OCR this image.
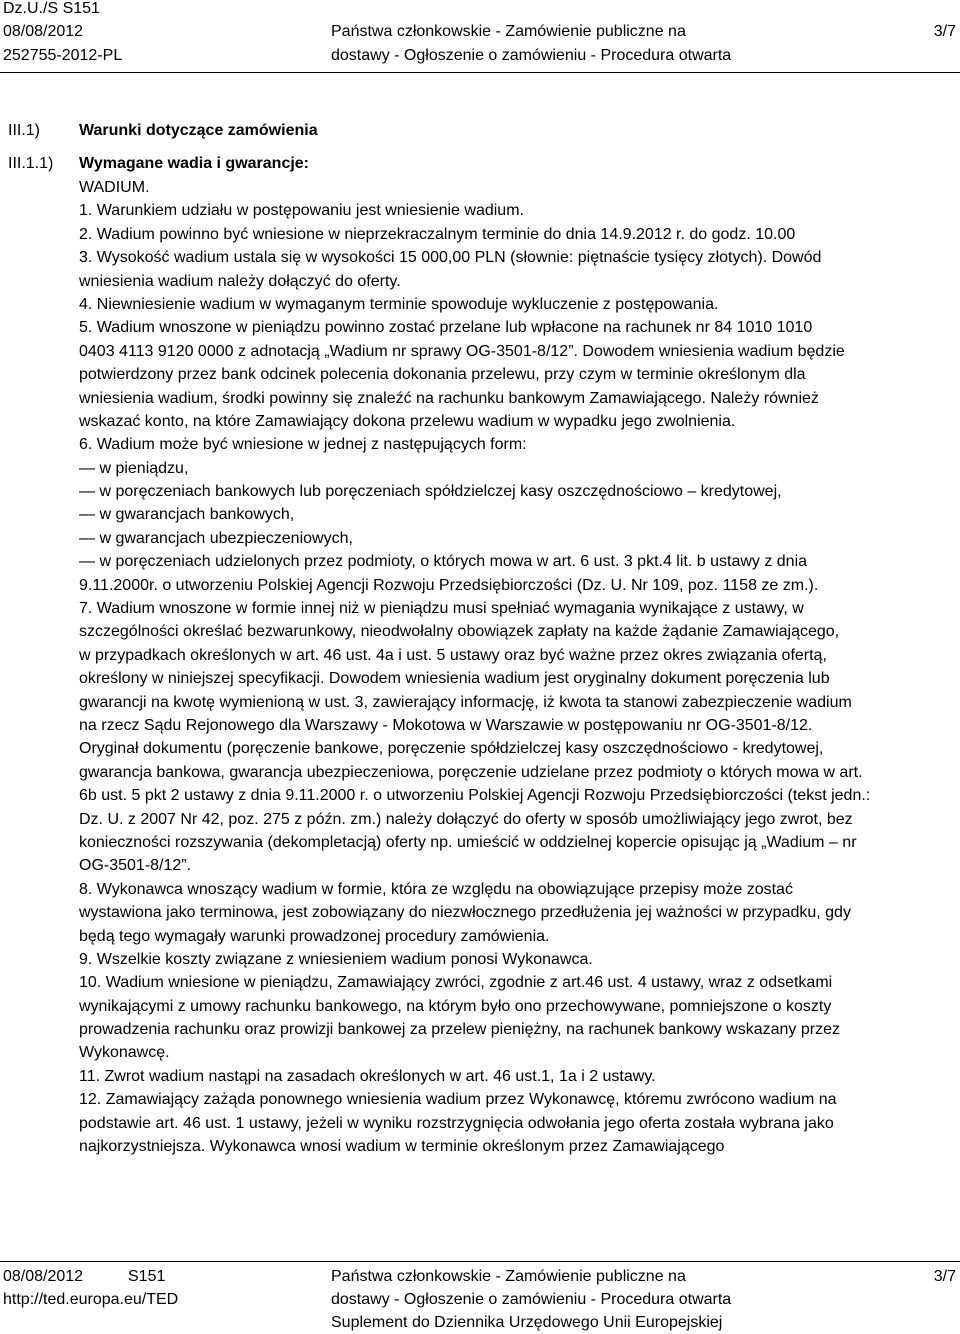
Dz.U./S S151
08/08/2012
252755-2012-PL
Państwa członkowskie - Zamówienie publiczne na
dostawy - Ogłoszenie o zamówieniu - Procedura otwarta
3/7
III.1) Warunki dotyczące zamówienia
III.1.1) Wymagane wadia i gwarancje:
WADIUM.
1. Warunkiem udziału w postępowaniu jest wniesienie wadium.
2. Wadium powinno być wniesione w nieprzekraczalnym terminie do dnia 14.9.2012 r. do godz. 10.00
3. Wysokość wadium ustala się w wysokości 15 000,00 PLN (słownie: piętnaście tysięcy złotych). Dowód
wniesienia wadium należy dołączyć do oferty.
4. Niewniesienie wadium w wymaganym terminie spowoduje wykluczenie z postępowania.
5. Wadium wnoszone w pieniądzu powinno zostać przelane lub wpłacone na rachunek nr 84 1010 1010
0403 4113 9120 0000 z adnotacją „Wadium nr sprawy OG-3501-8/12”. Dowodem wniesienia wadium będzie
potwierdzony przez bank odcinek polecenia dokonania przelewu, przy czym w terminie określonym dla
wniesienia wadium, środki powinny się znaleźć na rachunku bankowym Zamawiającego. Należy również
wskazać konto, na które Zamawiający dokona przelewu wadium w wypadku jego zwolnienia.
6. Wadium może być wniesione w jednej z następujących form:
— w pieniądzu,
— w poręczeniach bankowych lub poręczeniach spółdzielczej kasy oszczędnościowo – kredytowej,
— w gwarancjach bankowych,
— w gwarancjach ubezpieczeniowych,
— w poręczeniach udzielonych przez podmioty, o których mowa w art. 6 ust. 3 pkt.4 lit. b ustawy z dnia
9.11.2000r. o utworzeniu Polskiej Agencji Rozwoju Przedsiębiorczości (Dz. U. Nr 109, poz. 1158 ze zm.).
7. Wadium wnoszone w formie innej niż w pieniądzu musi spełniać wymagania wynikające z ustawy, w
szczególności określać bezwarunkowy, nieodwołalny obowiązek zapłaty na każde żądanie Zamawiającego,
w przypadkach określonych w art. 46 ust. 4a i ust. 5 ustawy oraz być ważne przez okres związania ofertą,
określony w niniejszej specyfikacji. Dowodem wniesienia wadium jest oryginalny dokument poręczenia lub
gwarancji na kwotę wymienioną w ust. 3, zawierający informację, iż kwota ta stanowi zabezpieczenie wadium
na rzecz Sądu Rejonowego dla Warszawy - Mokotowa w Warszawie w postępowaniu nr OG-3501-8/12.
Oryginał dokumentu (poręczenie bankowe, poręczenie spółdzielczej kasy oszczędnościowo - kredytowej,
gwarancja bankowa, gwarancja ubezpieczeniowa, poręczenie udzielane przez podmioty o których mowa w art.
6b ust. 5 pkt 2 ustawy z dnia 9.11.2000 r. o utworzeniu Polskiej Agencji Rozwoju Przedsiębiorczości (tekst jedn.:
Dz. U. z 2007 Nr 42, poz. 275 z późn. zm.) należy dołączyć do oferty w sposób umożliwiający jego zwrot, bez
konieczności rozszywania (dekompletacją) oferty np. umieścić w oddzielnej kopercie opisując ją „Wadium – nr
OG-3501-8/12”.
8. Wykonawca wnoszący wadium w formie, która ze względu na obowiązujące przepisy może zostać
wystawiona jako terminowa, jest zobowiązany do niezwłocznego przedłużenia jej ważności w przypadku, gdy
będą tego wymagały warunki prowadzonej procedury zamówienia.
9. Wszelkie koszty związane z wniesieniem wadium ponosi Wykonawca.
10. Wadium wniesione w pieniądzu, Zamawiający zwróci, zgodnie z art.46 ust. 4 ustawy, wraz z odsetkami
wynikającymi z umowy rachunku bankowego, na którym było ono przechowywane, pomniejszone o koszty
prowadzenia rachunku oraz prowizji bankowej za przelew pieniężny, na rachunek bankowy wskazany przez
Wykonawcę.
11. Zwrot wadium nastąpi na zasadach określonych w art. 46 ust.1, 1a i 2 ustawy.
12. Zamawiający zażąda ponownego wniesienia wadium przez Wykonawcę, któremu zwrócono wadium na
podstawie art. 46 ust. 1 ustawy, jeżeli w wyniku rozstrzygnięcia odwołania jego oferta została wybrana jako
najkorzystniejsza. Wykonawca wnosi wadium w terminie określonym przez Zamawiającego
08/08/2012	S151
http://ted.europa.eu/TED
Państwa członkowskie - Zamówienie publiczne na
dostawy - Ogłoszenie o zamówieniu - Procedura otwarta
Suplement do Dziennika Urzędowego Unii Europejskiej
3/7
